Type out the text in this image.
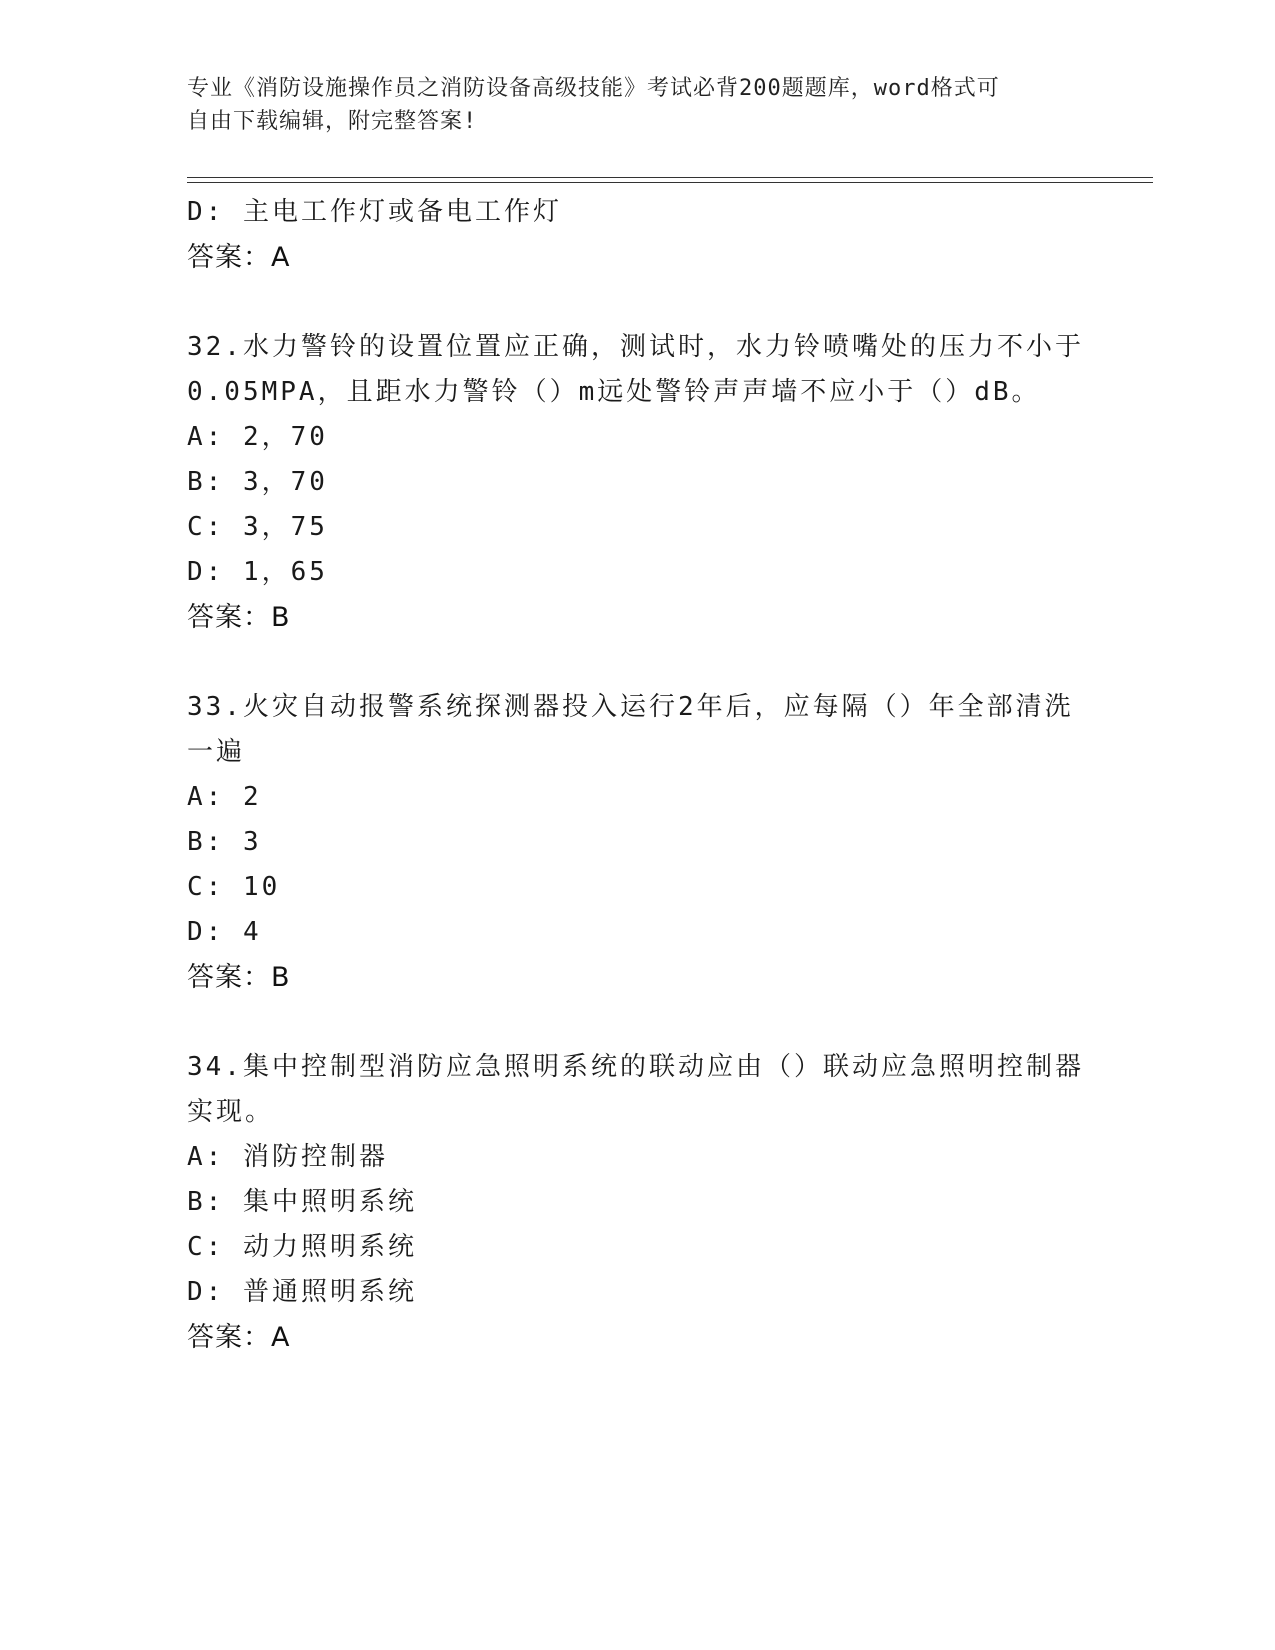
专业《消防设施操作员之消防设备高级技能》考试必背200题题库，word格式可
自由下载编辑，附完整答案!
D: 主电工作灯或备电工作灯
答案：A
32.水力警铃的设置位置应正确，测试时，水力铃喷嘴处的压力不小于
0.05MPA，且距水力警铃（）m远处警铃声声墙不应小于（）dB。
A: 2，70
B: 3，70
C: 3，75
D: 1，65
答案：B
33.火灾自动报警系统探测器投入运行2年后，应每隔（）年全部清洗
一遍
A: 2
B: 3
C: 10
D: 4
答案：B
34.集中控制型消防应急照明系统的联动应由（）联动应急照明控制器
实现。
A: 消防控制器
B: 集中照明系统
C: 动力照明系统
D: 普通照明系统
答案：A
